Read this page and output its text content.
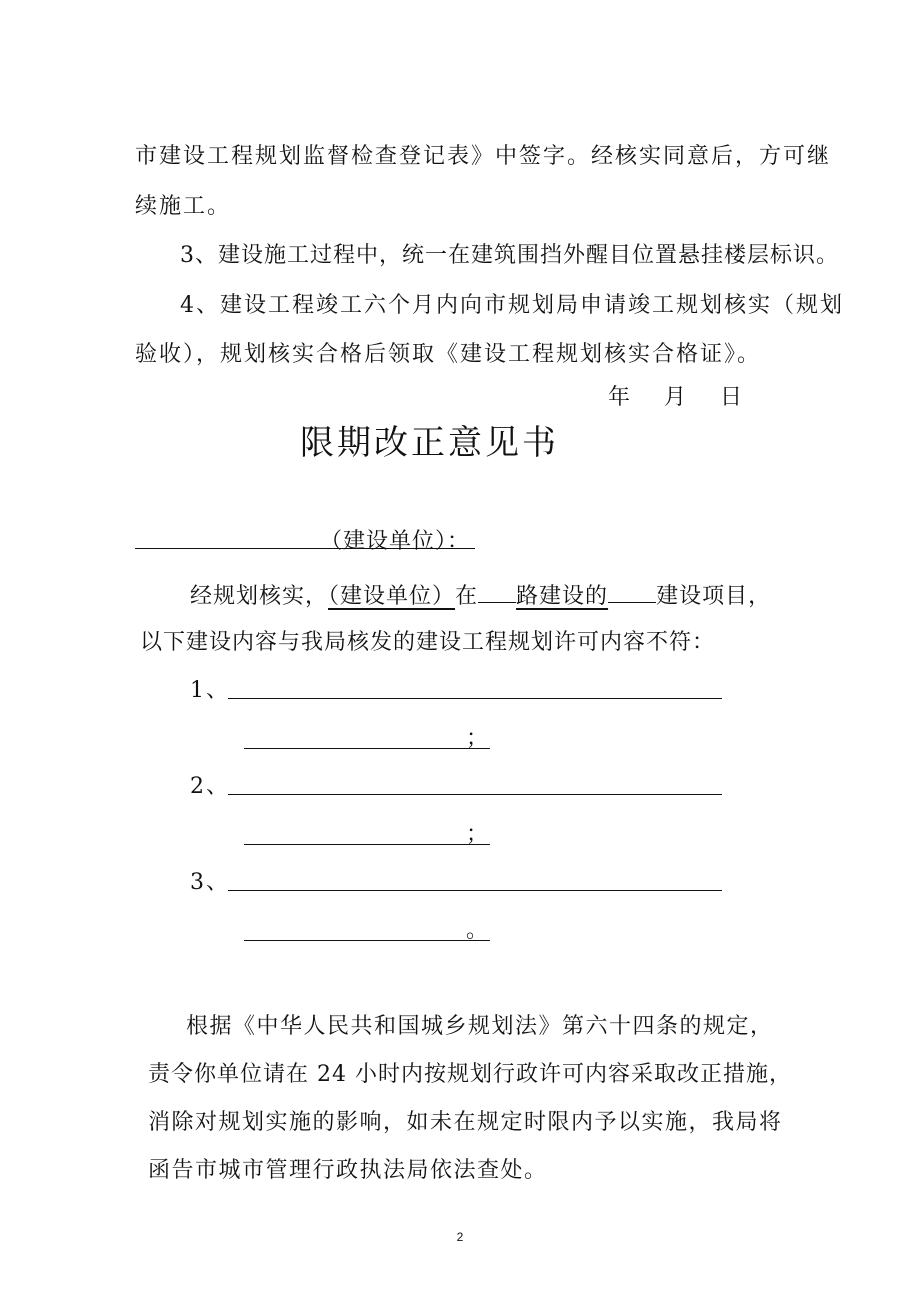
市建设工程规划监督检查登记表》中签字。经核实同意后，方可继
续施工。
3、建设施工过程中，统一在建筑围挡外醒目位置悬挂楼层标识。
4、建设工程竣工六个月内向市规划局申请竣工规划核实（规划
验收），规划核实合格后领取《建设工程规划核实合格证》。
年　月　日
限期改正意见书
（建设单位）：
经规划核实，（建设单位）在 路建设的 建设项目，
以下建设内容与我局核发的建设工程规划许可内容不符：
1、
；
2、
；
3、
。
根据《中华人民共和国城乡规划法》第六十四条的规定，
责令你单位请在 24 小时内按规划行政许可内容采取改正措施，
消除对规划实施的影响，如未在规定时限内予以实施，我局将
函告市城市管理行政执法局依法查处。
2
